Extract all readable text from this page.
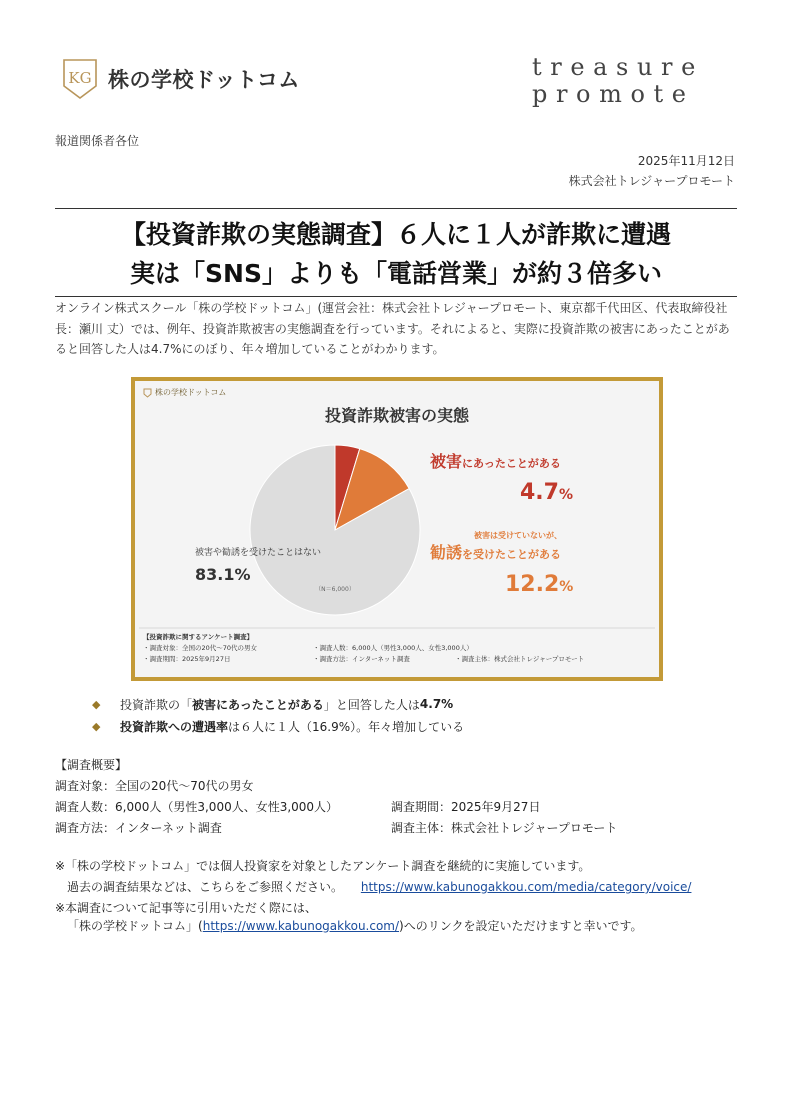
KG 株の学校ドットコム	treasure
promote
報道関係者各位
2025年11月12日
株式会社トレジャープロモート
【投資詐欺の実態調査】６人に１人が詐欺に遭遇
実は「SNS」よりも「電話営業」が約３倍多い
オンライン株式スクール「株の学校ドットコム」(運営会社：株式会社トレジャープロモート、東京都千代田区、代表取締役社長：瀬川 丈）では、例年、投資詐欺被害の実態調査を行っています。それによると、実際に投資詐欺の被害にあったことがあると回答した人は4.7%にのぼり、年々増加していることがわかります。
株の学校ドットコム
投資詐欺被害の実態
（N＝6,000）
被害や勧誘を受けたことはない
83.1%
被害にあったことがある
4.7%
被害は受けていないが、
勧誘を受けたことがある
12.2%
【投資詐欺に関するアンケート調査】
・調査対象：全国の20代〜70代の男女	・調査人数：6,000人（男性3,000人、女性3,000人）
・調査期間：2025年9月27日	・調査方法：インターネット調査	・調査主体：株式会社トレジャープロモート
◆ 投資詐欺の「 被害にあったことがある 」と回答した人は 4.7%
◆ 投資詐欺への遭遇率 は６人に１人（16.9%）。年々増加している
【調査概要】
調査対象：全国の20代〜70代の男女
調査人数：6,000人（男性3,000人、女性3,000人）	調査期間：2025年9月27日
調査方法：インターネット調査	調査主体：株式会社トレジャープロモート
※「株の学校ドットコム」では個人投資家を対象としたアンケート調査を継続的に実施しています。
過去の調査結果などは、こちらをご参照ください。 https://www.kabunogakkou.com/media/category/voice/
※本調査について記事等に引用いただく際には、
「株の学校ドットコム」(https://www.kabunogakkou.com/)へのリンクを設定いただけますと幸いです。
